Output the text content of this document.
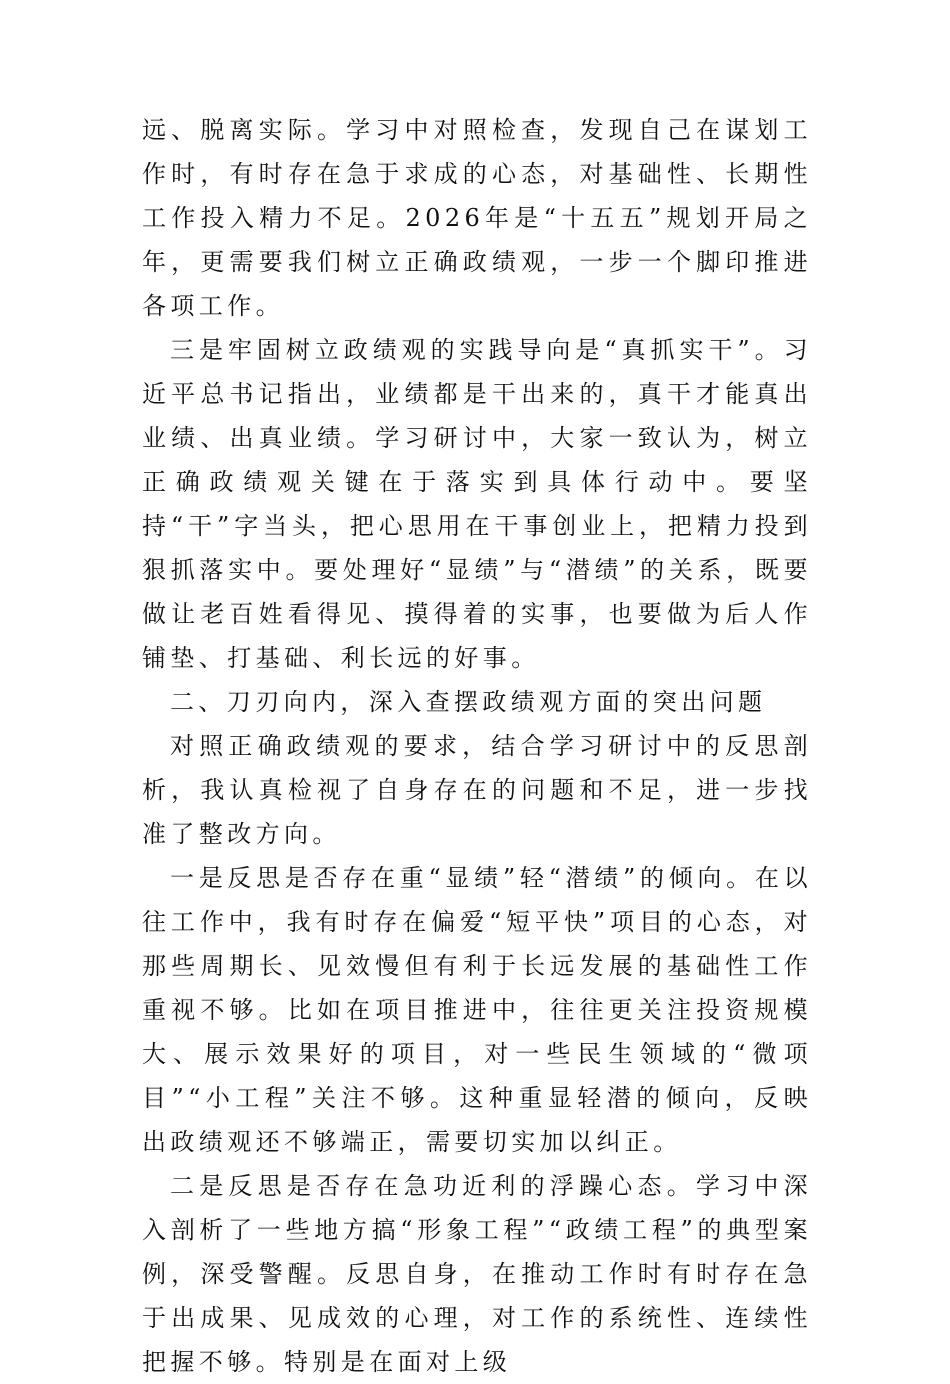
远、脱离实际。学习中对照检查，发现自己在谋划工作时，有时存在急于求成的心态，对基础性、长期性工作投入精力不足。2026年是“十五五”规划开局之年，更需要我们树立正确政绩观，一步一个脚印推进各项工作。

三是牢固树立政绩观的实践导向是“真抓实干”。习近平总书记指出，业绩都是干出来的，真干才能真出业绩、出真业绩。学习研讨中，大家一致认为，树立正确政绩观关键在于落实到具体行动中。要坚持“干”字当头，把心思用在干事创业上，把精力投到狠抓落实中。要处理好“显绩”与“潜绩”的关系，既要做让老百姓看得见、摸得着的实事，也要做为后人作铺垫、打基础、利长远的好事。

二、刀刃向内，深入查摆政绩观方面的突出问题

对照正确政绩观的要求，结合学习研讨中的反思剖析，我认真检视了自身存在的问题和不足，进一步找准了整改方向。

一是反思是否存在重“显绩”轻“潜绩”的倾向。在以往工作中，我有时存在偏爱“短平快”项目的心态，对那些周期长、见效慢但有利于长远发展的基础性工作重视不够。比如在项目推进中，往往更关注投资规模大、展示效果好的项目，对一些民生领域的“微项目”“小工程”关注不够。这种重显轻潜的倾向，反映出政绩观还不够端正，需要切实加以纠正。

二是反思是否存在急功近利的浮躁心态。学习中深入剖析了一些地方搞“形象工程”“政绩工程”的典型案例，深受警醒。反思自身，在推动工作时有时存在急于出成果、见成效的心理，对工作的系统性、连续性把握不够。特别是在面对上级
